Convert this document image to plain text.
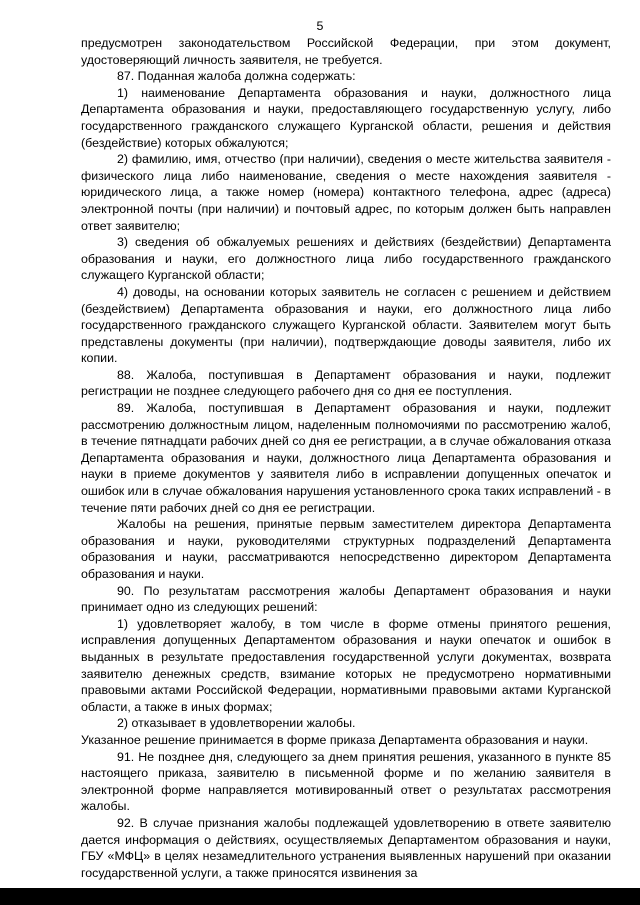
5

предусмотрен законодательством Российской Федерации, при этом документ, удостоверяющий личность заявителя, не требуется.

87. Поданная жалоба должна содержать:

1) наименование Департамента образования и науки, должностного лица Департамента образования и науки, предоставляющего государственную услугу, либо государственного гражданского служащего Курганской области, решения и действия (бездействие) которых обжалуются;

2) фамилию, имя, отчество (при наличии), сведения о месте жительства заявителя - физического лица либо наименование, сведения о месте нахождения заявителя - юридического лица, а также номер (номера) контактного телефона, адрес (адреса) электронной почты (при наличии) и почтовый адрес, по которым должен быть направлен ответ заявителю;

3) сведения об обжалуемых решениях и действиях (бездействии) Департамента образования и науки, его должностного лица либо государственного гражданского служащего Курганской области;

4) доводы, на основании которых заявитель не согласен с решением и действием (бездействием) Департамента образования и науки, его должностного лица либо государственного гражданского служащего Курганской области. Заявителем могут быть представлены документы (при наличии), подтверждающие доводы заявителя, либо их копии.

88. Жалоба, поступившая в Департамент образования и науки, подлежит регистрации не позднее следующего рабочего дня со дня ее поступления.

89. Жалоба, поступившая в Департамент образования и науки, подлежит рассмотрению должностным лицом, наделенным полномочиями по рассмотрению жалоб, в течение пятнадцати рабочих дней со дня ее регистрации, а в случае обжалования отказа Департамента образования и науки, должностного лица Департамента образования и науки в приеме документов у заявителя либо в исправлении допущенных опечаток и ошибок или в случае обжалования нарушения установленного срока таких исправлений - в течение пяти рабочих дней со дня ее регистрации.

Жалобы на решения, принятые первым заместителем директора Департамента образования и науки, руководителями структурных подразделений Департамента образования и науки, рассматриваются непосредственно директором Департамента образования и науки.

90. По результатам рассмотрения жалобы Департамент образования и науки принимает одно из следующих решений:

1) удовлетворяет жалобу, в том числе в форме отмены принятого решения, исправления допущенных Департаментом образования и науки опечаток и ошибок в выданных в результате предоставления государственной услуги документах, возврата заявителю денежных средств, взимание которых не предусмотрено нормативными правовыми актами Российской Федерации, нормативными правовыми актами Курганской области, а также в иных формах;

2) отказывает в удовлетворении жалобы.

Указанное решение принимается в форме приказа Департамента образования и науки.

91. Не позднее дня, следующего за днем принятия решения, указанного в пункте 85 настоящего приказа, заявителю в письменной форме и по желанию заявителя в электронной форме направляется мотивированный ответ о результатах рассмотрения жалобы.

92. В случае признания жалобы подлежащей удовлетворению в ответе заявителю дается информация о действиях, осуществляемых Департаментом образования и науки, ГБУ «МФЦ» в целях незамедлительного устранения выявленных нарушений при оказании государственной услуги, а также приносятся извинения за
